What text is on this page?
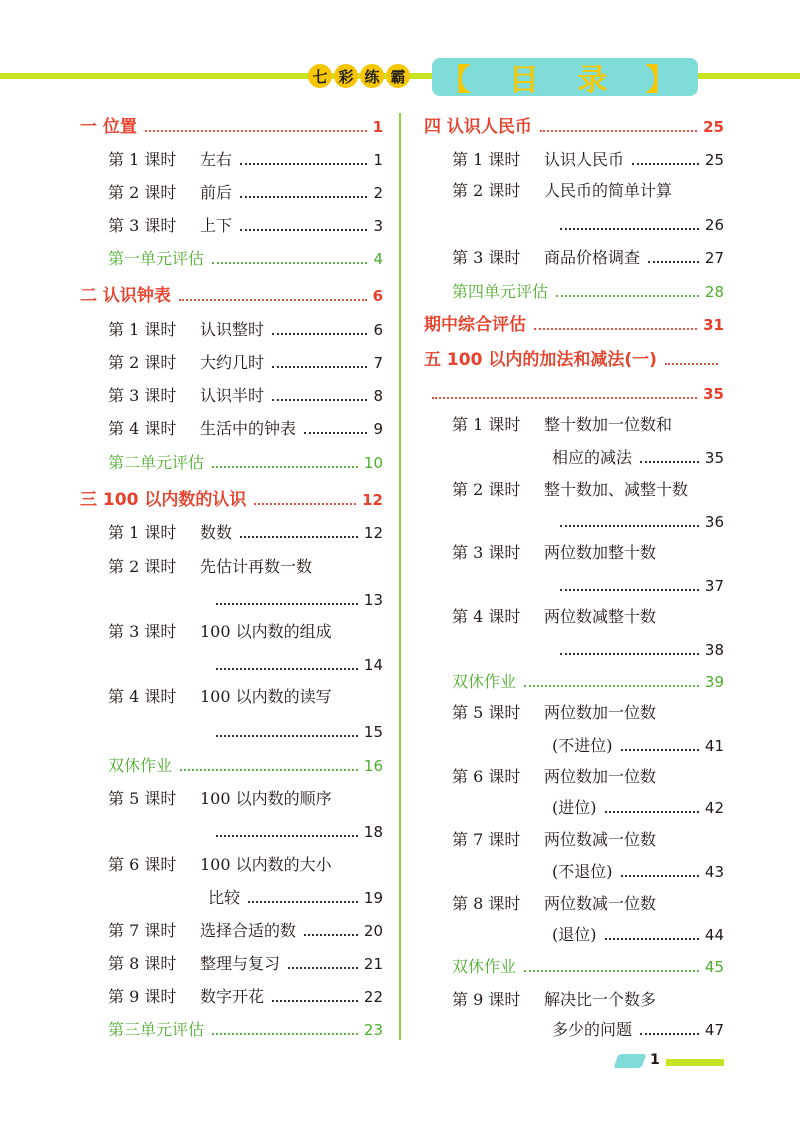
七 彩 练 霸 【 目 录 】
一 位置	1
第 1 课时	左右	1
第 2 课时	前后	2
第 3 课时	上下	3
第一单元评估	4
二 认识钟表	6
第 1 课时	认识整时	6
第 2 课时	大约几时	7
第 3 课时	认识半时	8
第 4 课时	生活中的钟表	9
第二单元评估	10
三 100 以内数的认识	12
第 1 课时	数数	12
第 2 课时	先估计再数一数
13
第 3 课时	100 以内数的组成
14
第 4 课时	100 以内数的读写
15
双休作业	16
第 5 课时	100 以内数的顺序
18
第 6 课时	100 以内数的大小
比较	19
第 7 课时	选择合适的数	20
第 8 课时	整理与复习	21
第 9 课时	数字开花	22
第三单元评估	23
四 认识人民币	25
第 1 课时	认识人民币	25
第 2 课时	人民币的简单计算
26
第 3 课时	商品价格调查	27
第四单元评估	28
期中综合评估	31
五 100 以内的加法和减法(一)
35
第 1 课时	整十数加一位数和
相应的减法	35
第 2 课时	整十数加、减整十数
36
第 3 课时	两位数加整十数
37
第 4 课时	两位数减整十数
38
双休作业	39
第 5 课时	两位数加一位数
(不进位)	41
第 6 课时	两位数加一位数
(进位)	42
第 7 课时	两位数减一位数
(不退位)	43
第 8 课时	两位数减一位数
(退位)	44
双休作业	45
第 9 课时	解决比一个数多
多少的问题	47
1
